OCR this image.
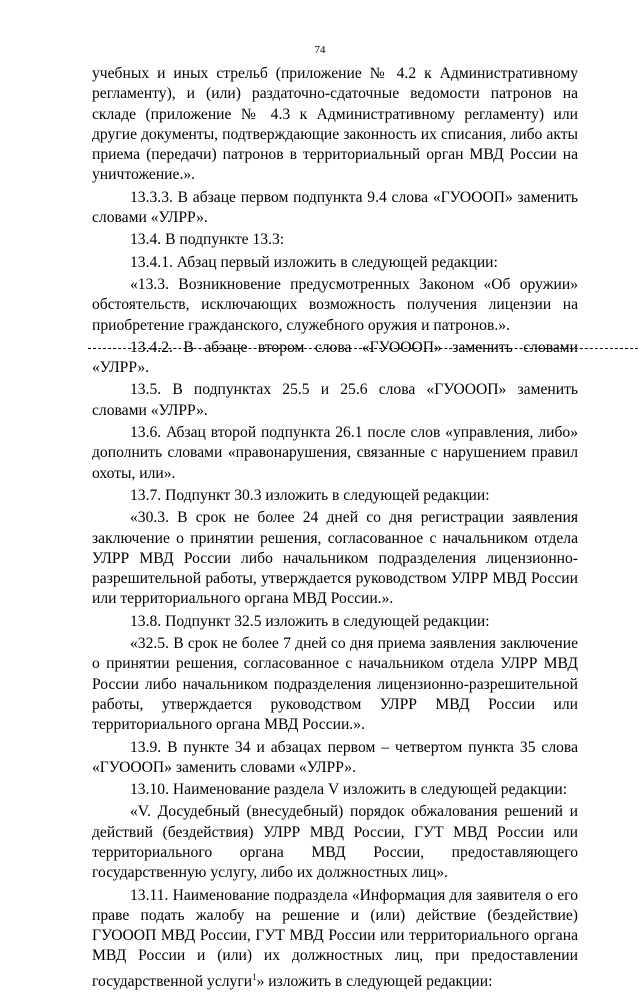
74

учебных и иных стрельб (приложение № 4.2 к Административному регламенту), и (или) раздаточно-сдаточные ведомости патронов на складе (приложение № 4.3 к Административному регламенту) или другие документы, подтверждающие законность их списания, либо акты приема (передачи) патронов в территориальный орган МВД России на уничтожение.».

13.3.3. В абзаце первом подпункта 9.4 слова «ГУОООП» заменить словами «УЛРР».

13.4. В подпункте 13.3:

13.4.1. Абзац первый изложить в следующей редакции:

«13.3. Возникновение предусмотренных Законом «Об оружии» обстоятельств, исключающих возможность получения лицензии на приобретение гражданского, служебного оружия и патронов.».

13.4.2. В абзаце втором слова «ГУОООП» заменить словами «УЛРР».

13.5. В подпунктах 25.5 и 25.6 слова «ГУОООП» заменить словами «УЛРР».

13.6. Абзац второй подпункта 26.1 после слов «управления, либо» дополнить словами «правонарушения, связанные с нарушением правил охоты, или».

13.7. Подпункт 30.3 изложить в следующей редакции:

«30.3. В срок не более 24 дней со дня регистрации заявления заключение о принятии решения, согласованное с начальником отдела УЛРР МВД России либо начальником подразделения лицензионно-разрешительной работы, утверждается руководством УЛРР МВД России или территориального органа МВД России.».

13.8. Подпункт 32.5 изложить в следующей редакции:

«32.5. В срок не более 7 дней со дня приема заявления заключение о принятии решения, согласованное с начальником отдела УЛРР МВД России либо начальником подразделения лицензионно-разрешительной работы, утверждается руководством УЛРР МВД России или территориального органа МВД России.».

13.9. В пункте 34 и абзацах первом – четвертом пункта 35 слова «ГУОООП» заменить словами «УЛРР».

13.10. Наименование раздела V изложить в следующей редакции:

«V. Досудебный (внесудебный) порядок обжалования решений и действий (бездействия) УЛРР МВД России, ГУТ МВД России или территориального органа МВД России, предоставляющего государственную услугу, либо их должностных лиц».

13.11. Наименование подраздела «Информация для заявителя о его праве подать жалобу на решение и (или) действие (бездействие) ГУОООП МВД России, ГУТ МВД России или территориального органа МВД России и (или) их должностных лиц, при предоставлении государственной услуги$^1$» изложить в следующей редакции:
